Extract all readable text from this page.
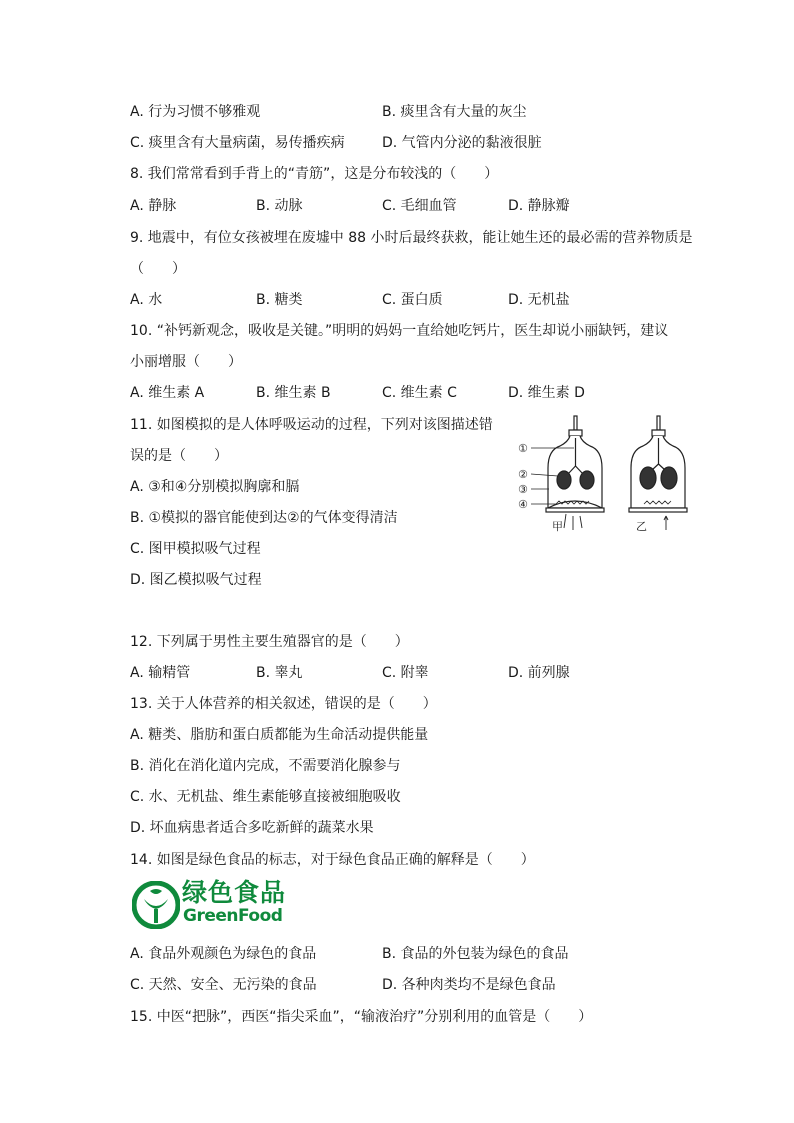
A. 行为习惯不够雅观	B. 痰里含有大量的灰尘
C. 痰里含有大量病菌，易传播疾病	D. 气管内分泌的黏液很脏
8. 我们常常看到手背上的“青筋”，这是分布较浅的（　　）
A. 静脉	B. 动脉	C. 毛细血管	D. 静脉瓣
9. 地震中，有位女孩被埋在废墟中 88 小时后最终获救，能让她生还的最必需的营养物质是
（　　）
A. 水	B. 糖类	C. 蛋白质	D. 无机盐
10. “补钙新观念，吸收是关键。”明明的妈妈一直给她吃钙片，医生却说小丽缺钙，建议
小丽增服（　　）
A. 维生素 A	B. 维生素 B	C. 维生素 C	D. 维生素 D
11. 如图模拟的是人体呼吸运动的过程，下列对该图描述错
误的是（　　）
A. ③和④分别模拟胸廓和膈
B. ①模拟的器官能使到达②的气体变得清洁
C. 图甲模拟吸气过程
D. 图乙模拟吸气过程
①
②
③
④
甲	乙
12. 下列属于男性主要生殖器官的是（　　）
A. 输精管	B. 睾丸	C. 附睾	D. 前列腺
13. 关于人体营养的相关叙述，错误的是（　　）
A. 糖类、脂肪和蛋白质都能为生命活动提供能量
B. 消化在消化道内完成，不需要消化腺参与
C. 水、无机盐、维生素能够直接被细胞吸收
D. 坏血病患者适合多吃新鲜的蔬菜水果
14. 如图是绿色食品的标志，对于绿色食品正确的解释是（　　）
绿色食品
GreenFood
A. 食品外观颜色为绿色的食品	B. 食品的外包装为绿色的食品
C. 天然、安全、无污染的食品	D. 各种肉类均不是绿色食品
15. 中医“把脉”，西医“指尖采血”，“输液治疗”分别利用的血管是（　　）
